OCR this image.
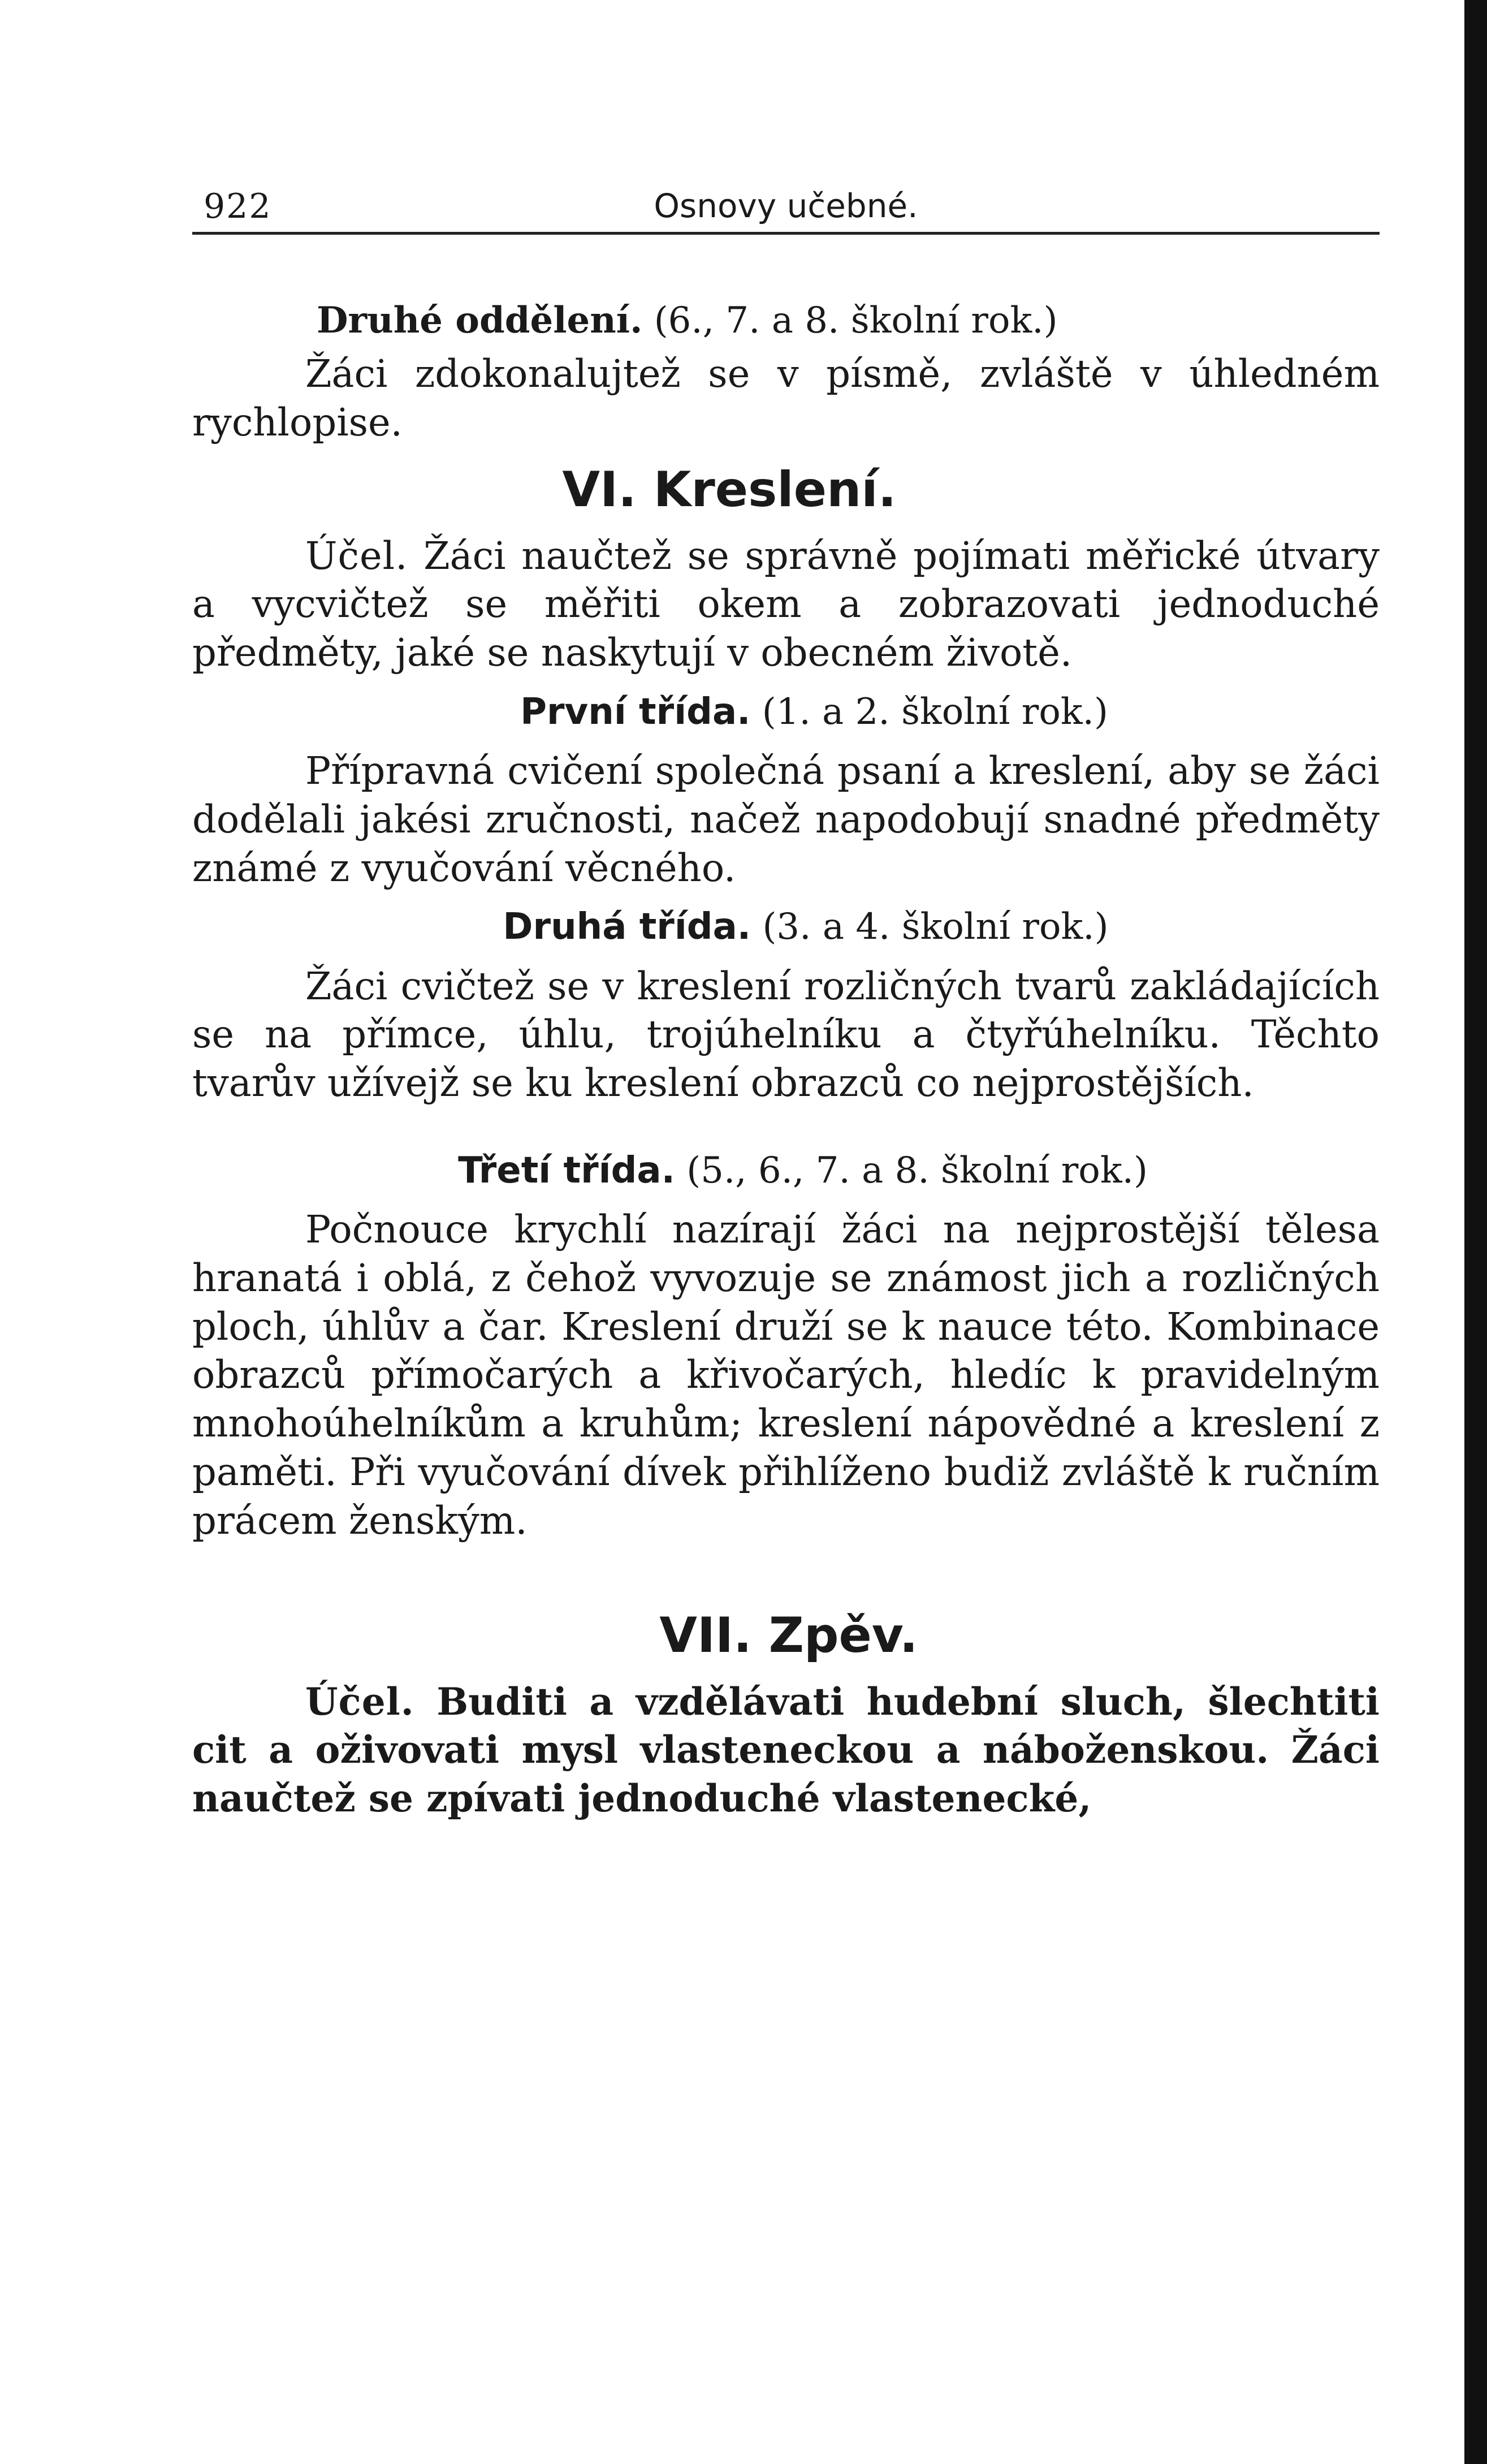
922	Osnovy učebné.
Druhé oddělení. (6., 7. a 8. školní rok.)

Žáci zdokonalujtež se v písmě, zvláště v úhledném rychlopise.

VI. Kreslení.

Účel. Žáci naučtež se správně pojímati měřické útvary a vycvičtež se měřiti okem a zobrazovati jednoduché předměty, jaké se naskytují v obecném životě.

První třída. (1. a 2. školní rok.)

Přípravná cvičení společná psaní a kreslení, aby se žáci dodělali jakési zručnosti, načež napodobují snadné předměty známé z vyučování věcného.

Druhá třída. (3. a 4. školní rok.)

Žáci cvičtež se v kreslení rozličných tvarů zakládajících se na přímce, úhlu, trojúhelníku a čtyřúhelníku. Těchto tvarův užívejž se ku kreslení obrazců co nejprostějších.

Třetí třída. (5., 6., 7. a 8. školní rok.)

Počnouce krychlí nazírají žáci na nejprostější tělesa hranatá i oblá, z čehož vyvozuje se známost jich a rozličných ploch, úhlův a čar. Kreslení druží se k nauce této. Kombinace obrazců přímočarých a křivočarých, hledíc k pravidelným mnohoúhelníkům a kruhům; kreslení nápovědné a kreslení z paměti. Při vyučování dívek přihlíženo budiž zvláště k ručním prácem ženským.

VII. Zpěv.

Účel. Buditi a vzdělávati hudební sluch, šlechtiti cit a oživovati mysl vlasteneckou a náboženskou. Žáci naučtež se zpívati jednoduché vlastenecké,
